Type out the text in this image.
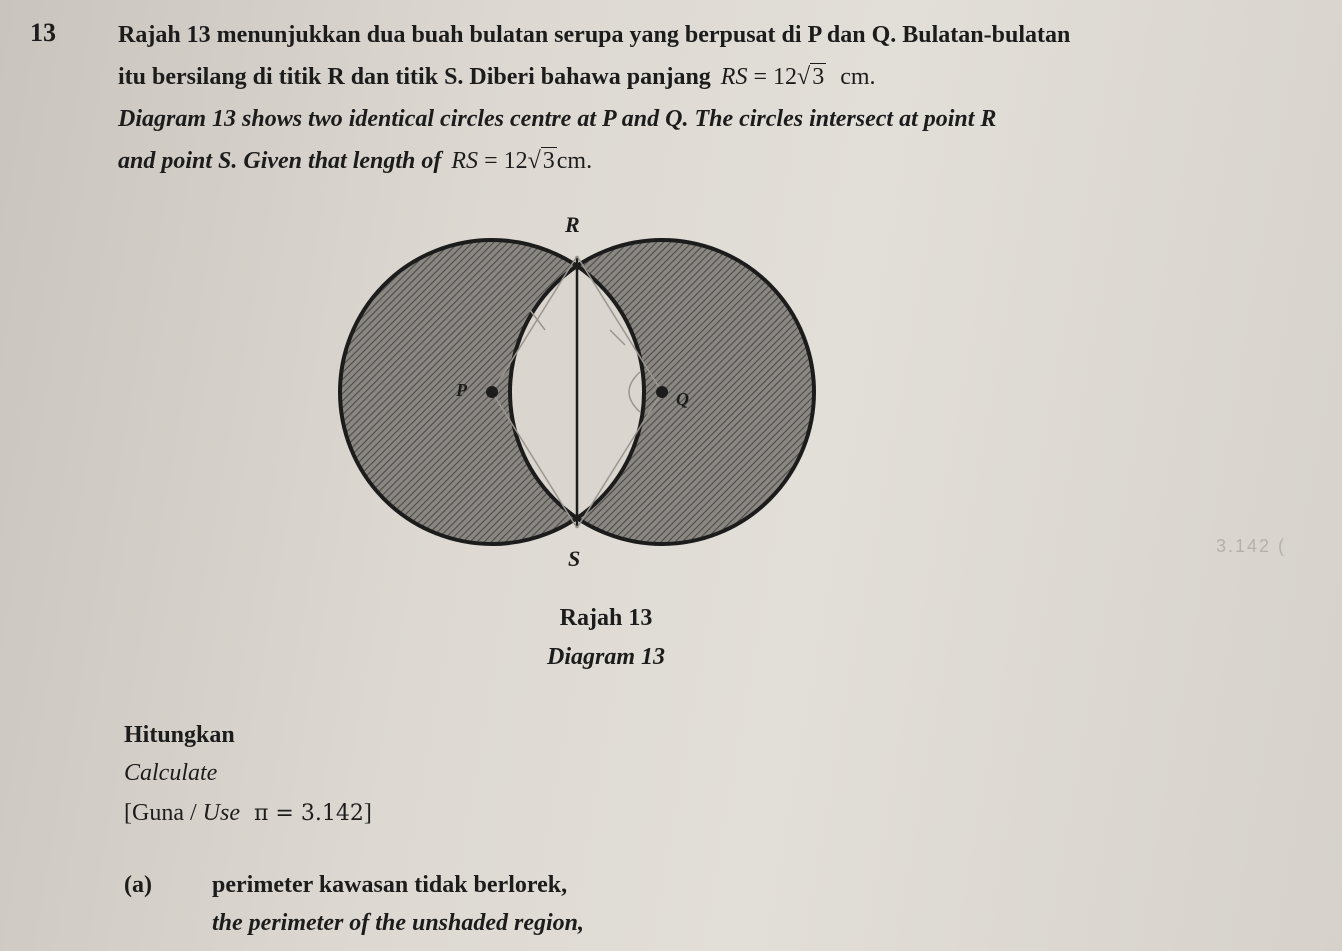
13	Rajah 13 menunjukkan dua buah bulatan serupa yang berpusat di P dan Q. Bulatan-bulatan
itu bersilang di titik R dan titik S. Diberi bahawa panjang RS = 12√3 cm.
Diagram 13 shows two identical circles centre at P and Q. The circles intersect at point R
and point S. Given that length of RS = 12√3cm.
R
S
P	Q
Rajah 13
Diagram 13
Hitungkan
Calculate
[Guna / Use π = 3.142]
(a)	perimeter kawasan tidak berlorek,
the perimeter of the unshaded region,
3.142 (
